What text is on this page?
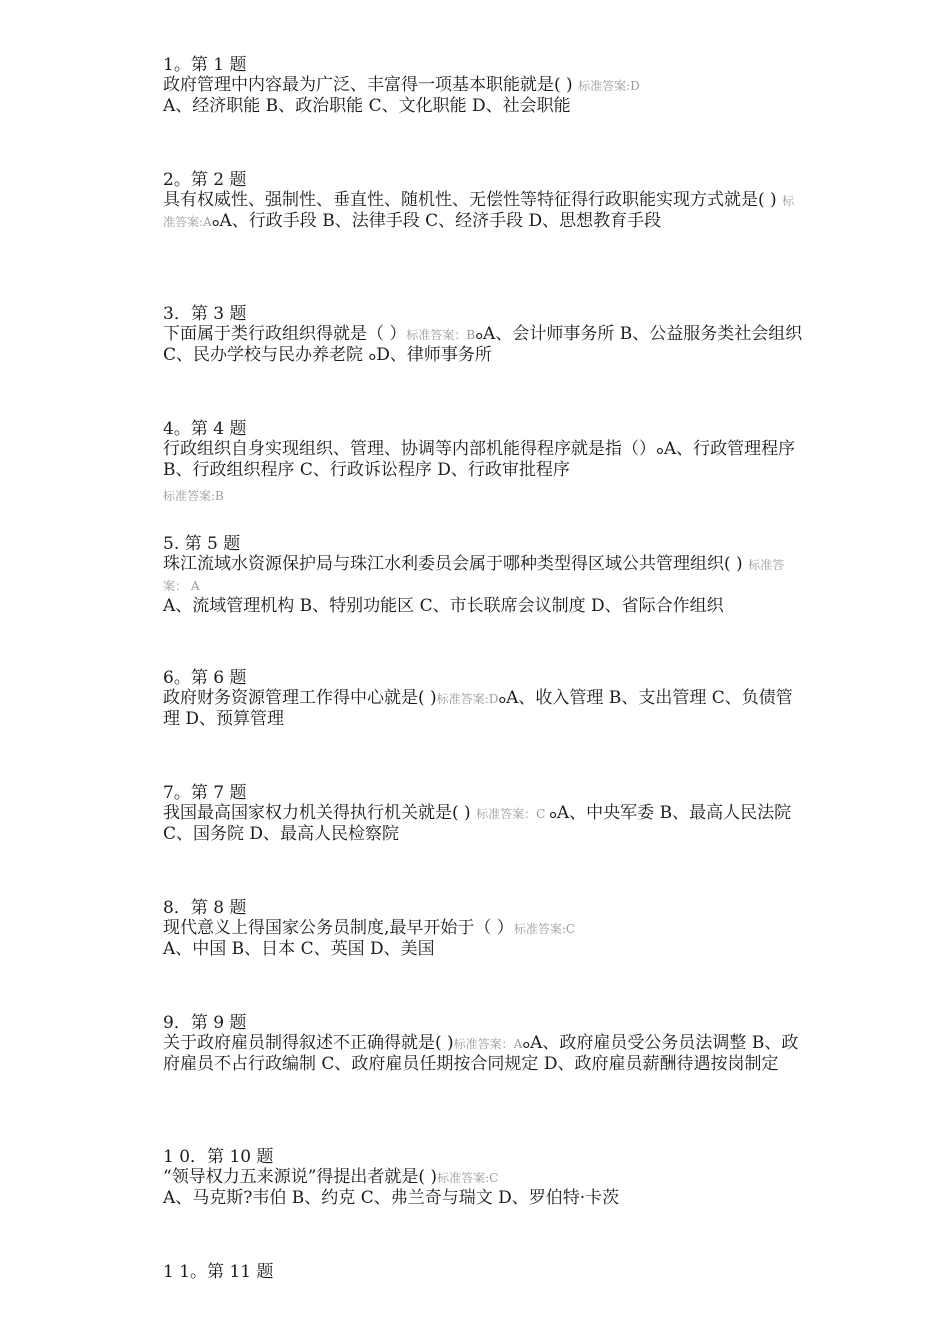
1。第 1 题
政府管理中内容最为广泛、丰富得一项基本职能就是( ) 标准答案:D
A、经济职能 B、政治职能 C、文化职能 D、社会职能
2。第 2 题
具有权威性、强制性、垂直性、随机性、无偿性等特征得行政职能实现方式就是( ) 标准答案:AܘA、行政手段 B、法律手段 C、经济手段 D、思想教育手段
3．第 3 题
下面属于类行政组织得就是（ ）标准答案：BܘA、会计师事务所 B、公益服务类社会组织 C、民办学校与民办养老院 ܘD、律师事务所
4。第 4 题
行政组织自身实现组织、管理、协调等内部机能得程序就是指（）ܘA、行政管理程序 B、行政组织程序 C、行政诉讼程序 D、行政审批程序
标准答案:B
5. 第 5 题
珠江流域水资源保护局与珠江水利委员会属于哪种类型得区域公共管理组织( ) 标准答案： A
A、流域管理机构 B、特别功能区 C、市长联席会议制度 D、省际合作组织
6。第 6 题
政府财务资源管理工作得中心就是( )标准答案:DܘA、收入管理 B、支出管理 C、负债管理 D、预算管理
7。第 7 题
我国最高国家权力机关得执行机关就是( ) 标准答案：C ܘA、中央军委 B、最高人民法院 C、国务院 D、最高人民检察院
8．第 8 题
现代意义上得国家公务员制度,最早开始于（ ）标准答案:C
A、中国 B、日本 C、英国 D、美国
9．第 9 题
关于政府雇员制得叙述不正确得就是( )标准答案：AܘA、政府雇员受公务员法调整 B、政府雇员不占行政编制 C、政府雇员任期按合同规定 D、政府雇员薪酬待遇按岗制定
1 0．第 10 题
“领导权力五来源说”得提出者就是( )标准答案:C
A、马克斯?韦伯 B、约克 C、弗兰奇与瑞文 D、罗伯特·卡茨
1 1。第 11 题
